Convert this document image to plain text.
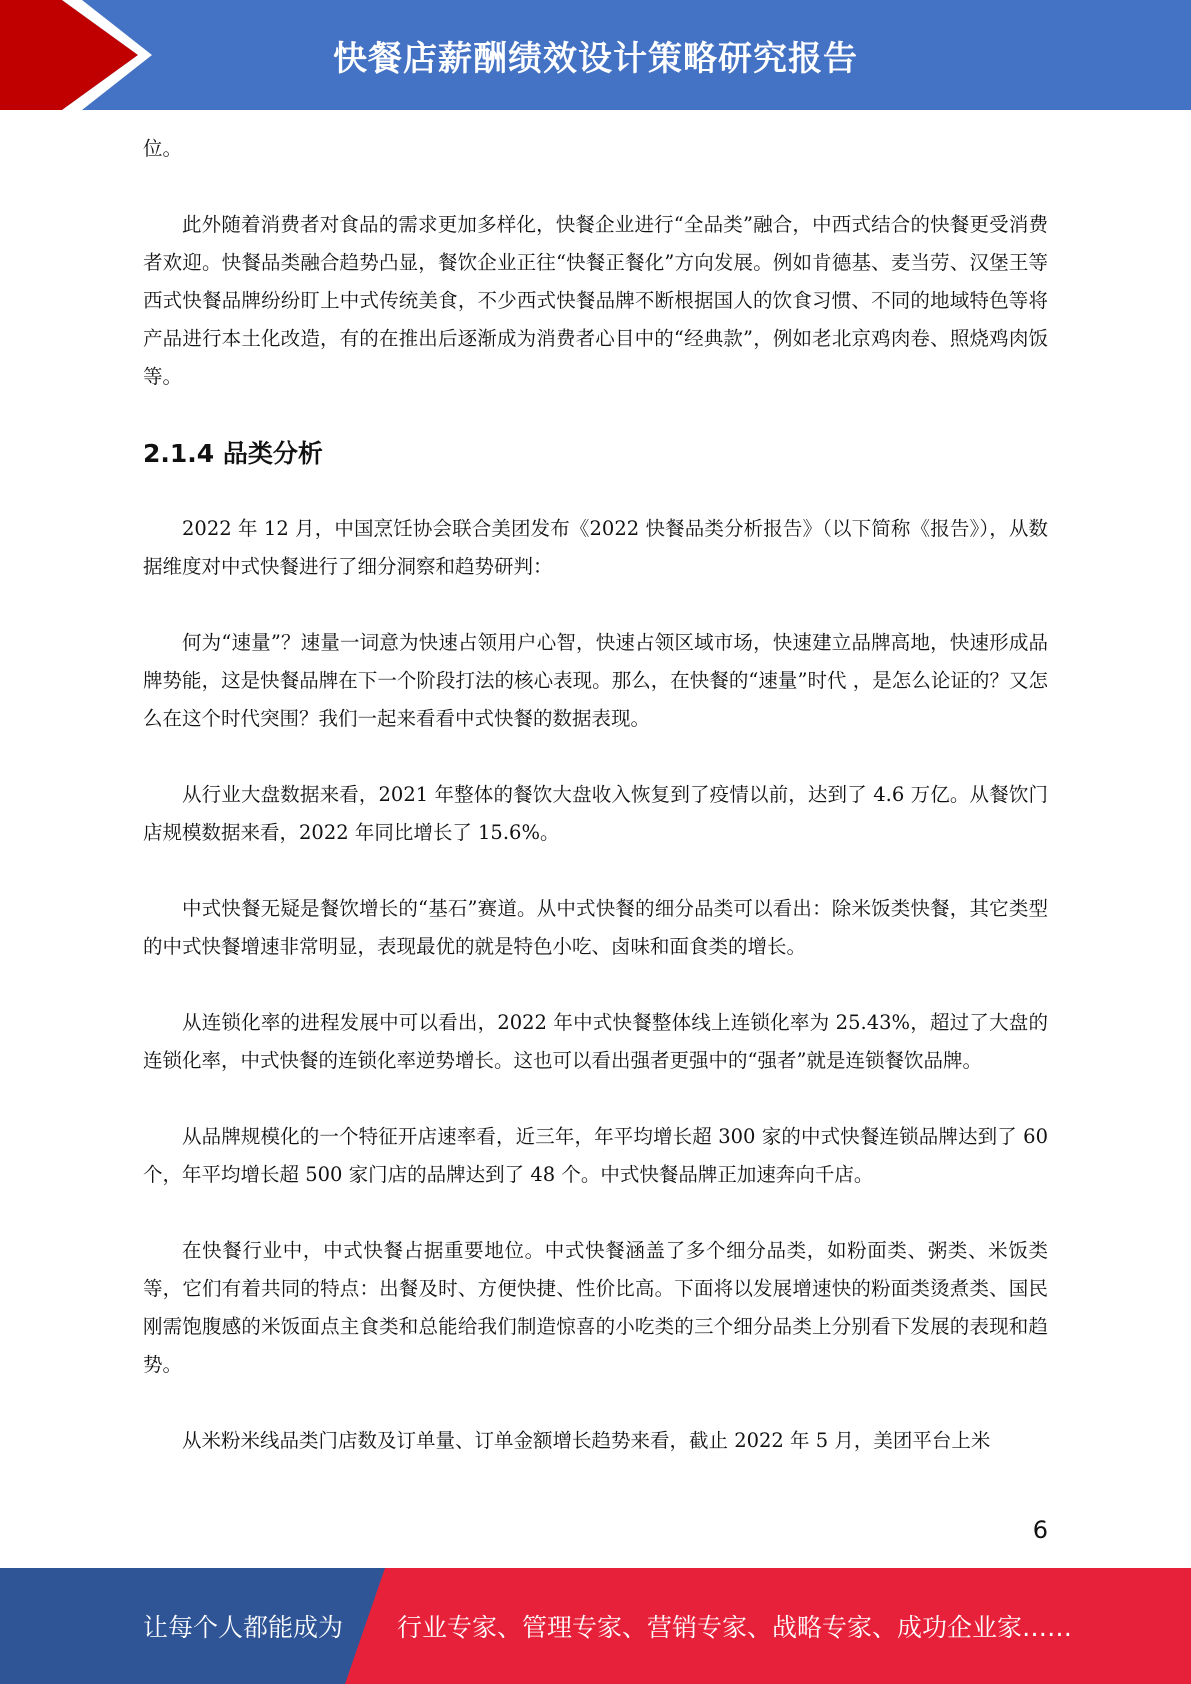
快餐店薪酬绩效设计策略研究报告

位。

此外随着消费者对食品的需求更加多样化，快餐企业进行“全品类”融合，中西式结合的快餐更受消费者欢迎。快餐品类融合趋势凸显，餐饮企业正往“快餐正餐化”方向发展。例如肯德基、麦当劳、汉堡王等西式快餐品牌纷纷盯上中式传统美食，不少西式快餐品牌不断根据国人的饮食习惯、不同的地域特色等将产品进行本土化改造，有的在推出后逐渐成为消费者心目中的“经典款”，例如老北京鸡肉卷、照烧鸡肉饭等。

2.1.4 品类分析

2022 年 12 月，中国烹饪协会联合美团发布《2022 快餐品类分析报告》（以下简称《报告》），从数据维度对中式快餐进行了细分洞察和趋势研判：

何为“速量”？速量一词意为快速占领用户心智，快速占领区域市场，快速建立品牌高地，快速形成品牌势能，这是快餐品牌在下一个阶段打法的核心表现。那么，在快餐的“速量”时代 ，是怎么论证的？又怎么在这个时代突围？我们一起来看看中式快餐的数据表现。

从行业大盘数据来看，2021 年整体的餐饮大盘收入恢复到了疫情以前，达到了 4.6 万亿。从餐饮门店规模数据来看，2022 年同比增长了 15.6%。

中式快餐无疑是餐饮增长的“基石”赛道。从中式快餐的细分品类可以看出：除米饭类快餐，其它类型的中式快餐增速非常明显，表现最优的就是特色小吃、卤味和面食类的增长。

从连锁化率的进程发展中可以看出，2022 年中式快餐整体线上连锁化率为 25.43%，超过了大盘的连锁化率，中式快餐的连锁化率逆势增长。这也可以看出强者更强中的“强者”就是连锁餐饮品牌。

从品牌规模化的一个特征开店速率看，近三年，年平均增长超 300 家的中式快餐连锁品牌达到了 60 个，年平均增长超 500 家门店的品牌达到了 48 个。中式快餐品牌正加速奔向千店。

在快餐行业中，中式快餐占据重要地位。中式快餐涵盖了多个细分品类，如粉面类、粥类、米饭类等，它们有着共同的特点：出餐及时、方便快捷、性价比高。下面将以发展增速快的粉面类烫煮类、国民刚需饱腹感的米饭面点主食类和总能给我们制造惊喜的小吃类的三个细分品类上分别看下发展的表现和趋势。

从米粉米线品类门店数及订单量、订单金额增长趋势来看，截止 2022 年 5 月，美团平台上米

6
让每个人都能成为 行业专家、管理专家、营销专家、战略专家、成功企业家……
